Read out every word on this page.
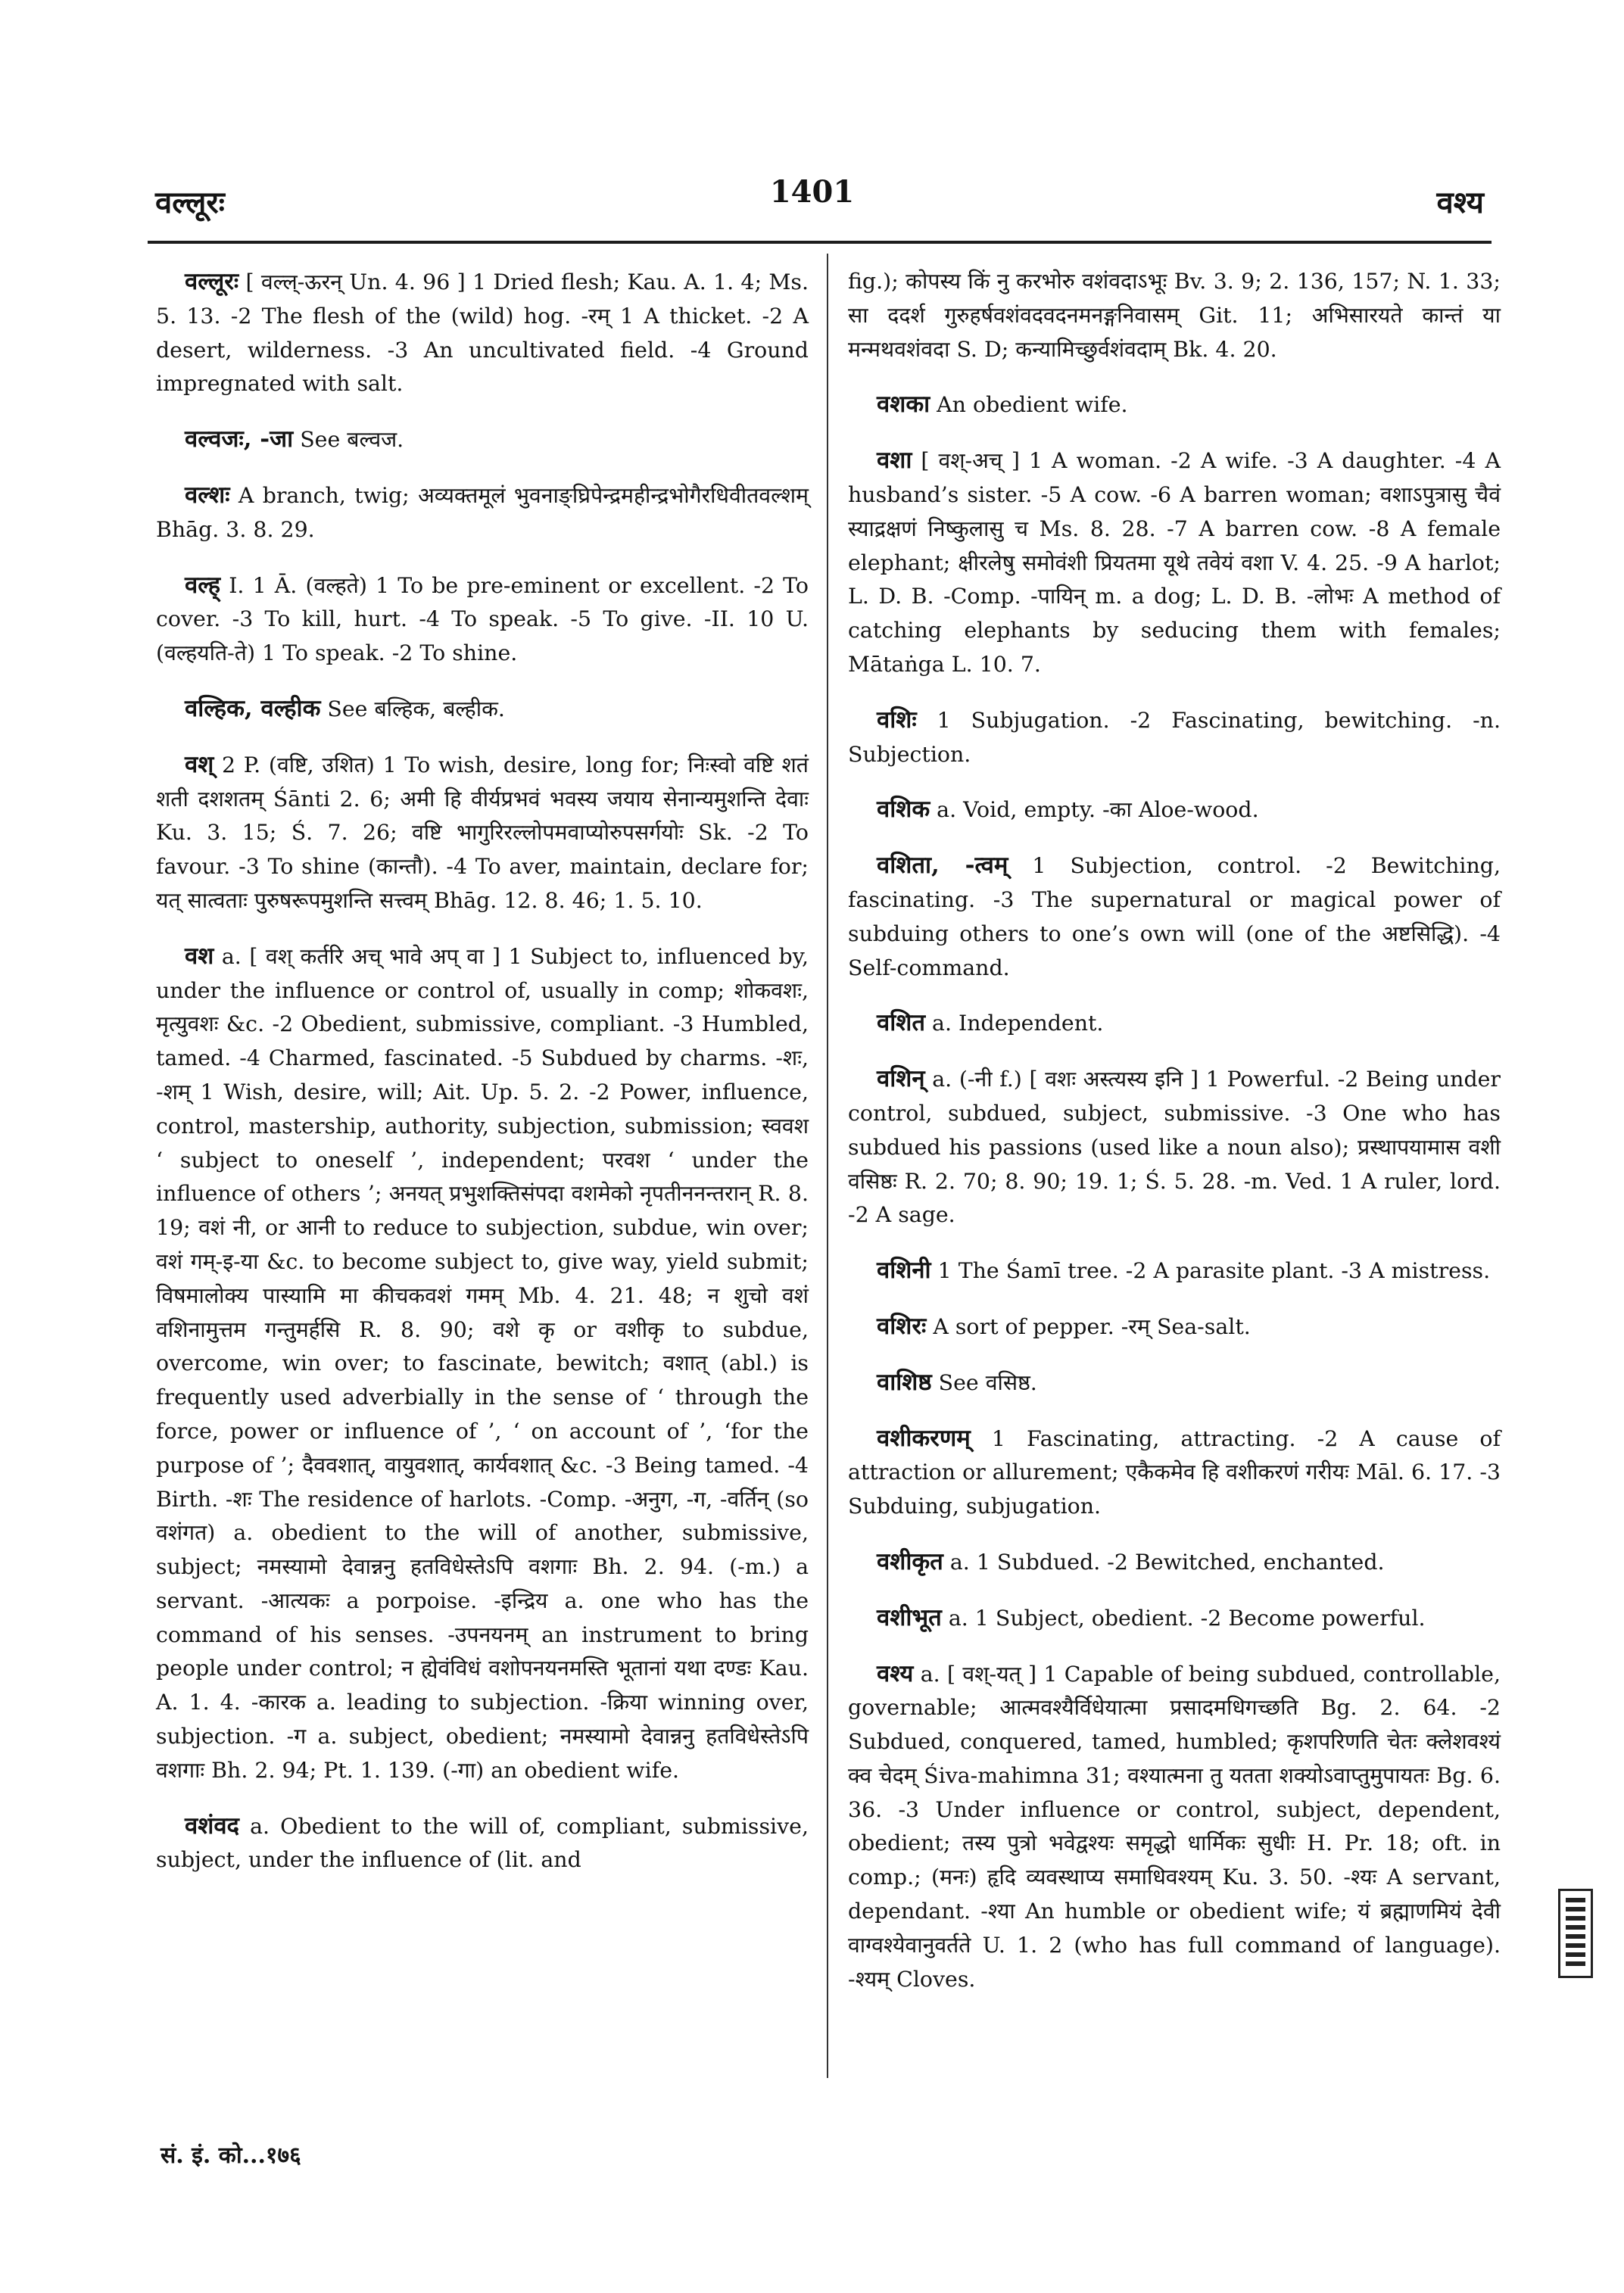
वल्लूरः	1401	वश्य

वल्लूरः [ वल्ल्-ऊरन् Un. 4. 96 ] 1 Dried flesh; Kau. A. 1. 4; Ms. 5. 13. -2 The flesh of the (wild) hog. -रम् 1 A thicket. -2 A desert, wilderness. -3 An uncultivated field. -4 Ground impregnated with salt.

वल्वजः, -जा See बल्वज.

वल्शः A branch, twig; अव्यक्तमूलं भुवनाङ्घ्रिपेन्द्रमहीन्द्रभोगैरधिवीतवल्शम् Bhāg. 3. 8. 29.

वल्ह् I. 1 Ā. (वल्हते) 1 To be pre-eminent or excellent. -2 To cover. -3 To kill, hurt. -4 To speak. -5 To give. -II. 10 U. (वल्हयति-ते) 1 To speak. -2 To shine.

वल्हिक, वल्हीक See बल्हिक, बल्हीक.

वश् 2 P. (वष्टि, उशित) 1 To wish, desire, long for; निःस्वो वष्टि शतं शती दशशतम् Śānti 2. 6; अमी हि वीर्यप्रभवं भवस्य जयाय सेनान्यमुशन्ति देवाः Ku. 3. 15; Ś. 7. 26; वष्टि भागुरिरल्लोपमवाप्योरुपसर्गयोः Sk. -2 To favour. -3 To shine (कान्तौ). -4 To aver, maintain, declare for; यत् सात्वताः पुरुषरूपमुशन्ति सत्त्वम् Bhāg. 12. 8. 46; 1. 5. 10.

वश a. [ वश् कर्तरि अच् भावे अप् वा ] 1 Subject to, influenced by, under the influence or control of, usually in comp; शोकवशः, मृत्युवशः &c. -2 Obedient, submissive, compliant. -3 Humbled, tamed. -4 Charmed, fascinated. -5 Subdued by charms. -शः, -शम् 1 Wish, desire, will; Ait. Up. 5. 2. -2 Power, influence, control, mastership, authority, subjection, submission; स्ववश ‘ subject to oneself ’, independent; परवश ‘ under the influence of others ’; अनयत् प्रभुशक्तिसंपदा वशमेको नृपतीननन्तरान् R. 8. 19; वशं नी, or आनी to reduce to subjection, subdue, win over; वशं गम्-इ-या &c. to become subject to, give way, yield submit; विषमालोक्य पास्यामि मा कीचकवशं गमम् Mb. 4. 21. 48; न शुचो वशं वशिनामुत्तम गन्तुमर्हसि R. 8. 90; वशे कृ or वशीकृ to subdue, overcome, win over; to fascinate, bewitch; वशात् (abl.) is frequently used adverbially in the sense of ‘ through the force, power or influence of ’, ‘ on account of ’, ‘for the purpose of ’; दैववशात्, वायुवशात्, कार्यवशात् &c. -3 Being tamed. -4 Birth. -शः The residence of harlots. -Comp. -अनुग, -ग, -वर्तिन् (so वशंगत) a. obedient to the will of another, submissive, subject; नमस्यामो देवान्ननु हतविधेस्तेऽपि वशगाः Bh. 2. 94. (-m.) a servant. -आत्यकः a porpoise. -इन्द्रिय a. one who has the command of his senses. -उपनयनम् an instrument to bring people under control; न ह्येवंविधं वशोपनयनमस्ति भूतानां यथा दण्डः Kau. A. 1. 4. -कारक a. leading to subjection. -क्रिया winning over, subjection. -ग a. subject, obedient; नमस्यामो देवान्ननु हतविधेस्तेऽपि वशगाः Bh. 2. 94; Pt. 1. 139. (-गा) an obedient wife.

वशंवद a. Obedient to the will of, compliant, submissive, subject, under the influence of (lit. and

fig.); कोपस्य किं नु करभोरु वशंवदाऽभूः Bv. 3. 9; 2. 136, 157; N. 1. 33; सा ददर्श गुरुहर्षवशंवदवदनमनङ्गनिवासम् Git. 11; अभिसारयते कान्तं या मन्मथवशंवदा S. D; कन्यामिच्छुर्वशंवदाम् Bk. 4. 20.

वशका An obedient wife.

वशा [ वश्-अच् ] 1 A woman. -2 A wife. -3 A daughter. -4 A husband’s sister. -5 A cow. -6 A barren woman; वशाऽपुत्रासु चैवं स्याद्रक्षणं निष्कुलासु च Ms. 8. 28. -7 A barren cow. -8 A female elephant; क्षीरलेषु समोवंशी प्रियतमा यूथे तवेयं वशा V. 4. 25. -9 A harlot; L. D. B. -Comp. -पायिन् m. a dog; L. D. B. -लोभः A method of catching elephants by seducing them with females; Mātaṅga L. 10. 7.

वशिः 1 Subjugation. -2 Fascinating, bewitching. -n. Subjection.

वशिक a. Void, empty. -का Aloe-wood.

वशिता, -त्वम् 1 Subjection, control. -2 Bewitching, fascinating. -3 The supernatural or magical power of subduing others to one’s own will (one of the अष्टसिद्धि). -4 Self-command.

वशित a. Independent.

वशिन् a. (-नी f.) [ वशः अस्त्यस्य इनि ] 1 Powerful. -2 Being under control, subdued, subject, submissive. -3 One who has subdued his passions (used like a noun also); प्रस्थापयामास वशी वसिष्ठः R. 2. 70; 8. 90; 19. 1; Ś. 5. 28. -m. Ved. 1 A ruler, lord. -2 A sage.

वशिनी 1 The Śamī tree. -2 A parasite plant. -3 A mistress.

वशिरः A sort of pepper. -रम् Sea-salt.

वाशिष्ठ See वसिष्ठ.

वशीकरणम् 1 Fascinating, attracting. -2 A cause of attraction or allurement; एकैकमेव हि वशीकरणं गरीयः Māl. 6. 17. -3 Subduing, subjugation.

वशीकृत a. 1 Subdued. -2 Bewitched, enchanted.

वशीभूत a. 1 Subject, obedient. -2 Become powerful.

वश्य a. [ वश्-यत् ] 1 Capable of being subdued, controllable, governable; आत्मवश्यैर्विधेयात्मा प्रसादमधिगच्छति Bg. 2. 64. -2 Subdued, conquered, tamed, humbled; कृशपरिणति चेतः क्लेशवश्यं क्व चेदम् Śiva-mahimna 31; वश्यात्मना तु यतता शक्योऽवाप्तुमुपायतः Bg. 6. 36. -3 Under influence or control, subject, dependent, obedient; तस्य पुत्रो भवेद्वश्यः समृद्धो धार्मिकः सुधीः H. Pr. 18; oft. in comp.; (मनः) हृदि व्यवस्थाप्य समाधिवश्यम् Ku. 3. 50. -श्यः A servant, dependant. -श्या An humble or obedient wife; यं ब्रह्माणमियं देवी वाग्वश्येवानुवर्तते U. 1. 2 (who has full command of language). -श्यम् Cloves.

सं. इं. को...१७६
